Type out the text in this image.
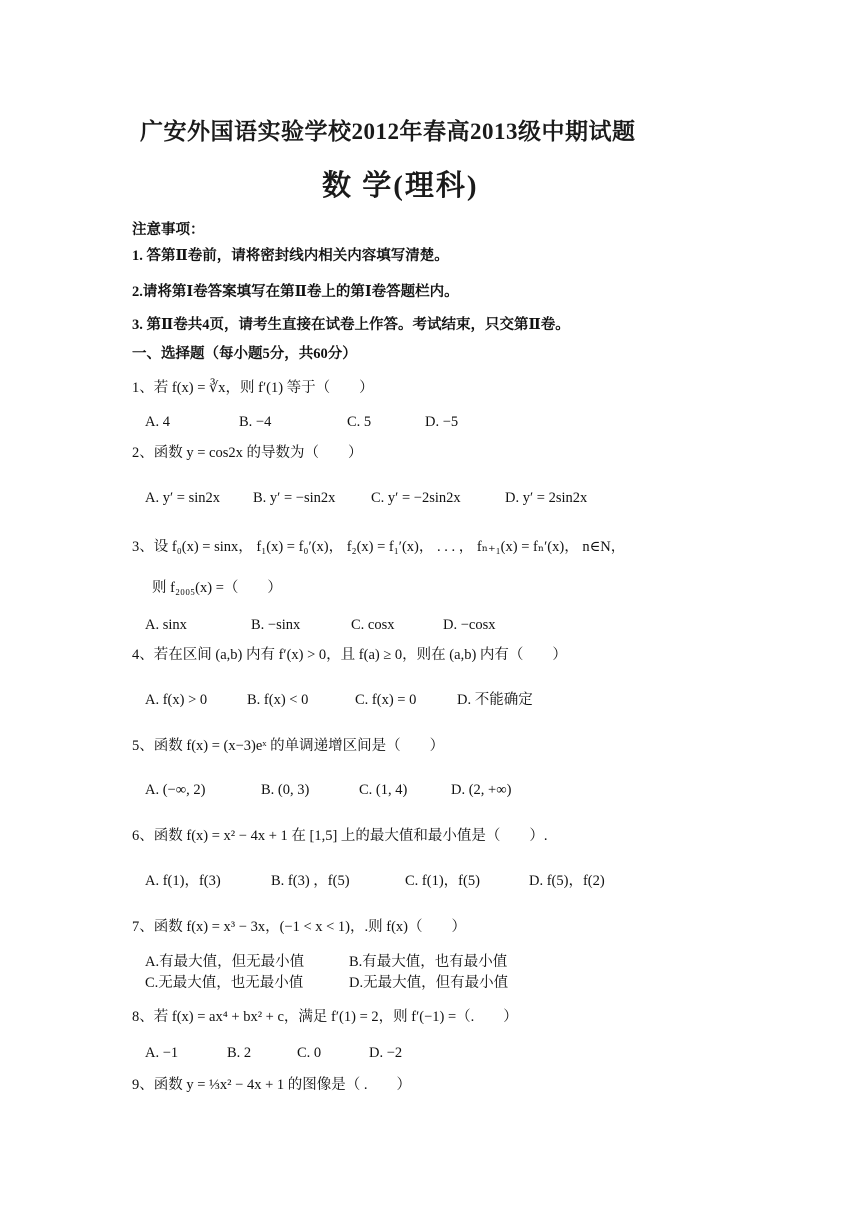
广安外国语实验学校2012年春高2013级中期试题
数 学(理科)
注意事项：
1. 答第Ⅱ卷前，请将密封线内相关内容填写清楚。
2.请将第Ⅰ卷答案填写在第Ⅱ卷上的第Ⅰ卷答题栏内。
3. 第Ⅱ卷共4页，请考生直接在试卷上作答。考试结束，只交第Ⅱ卷。
一、选择题（每小题5分，共60分）
1、若 f(x) = ∛x，则 f′(1) 等于（　　）
A. 4	B. −4	C. 5	D. −5
2、函数 y = cos2x 的导数为（　　）
A. y′ = sin2x B. y′ = −sin2x C. y′ = −2sin2x	D. y′ = 2sin2x
3、设 f₀(x) = sinx， f₁(x) = f₀′(x)， f₂(x) = f₁′(x)， . . . ， fₙ₊₁(x) = fₙ′(x)， n∈N，
则 f₂₀₀₅(x) =（　　）
A. sinx	B. −sinx	C. cosx	D. −cosx
4、若在区间 (a,b) 内有 f′(x) > 0，且 f(a) ≥ 0，则在 (a,b) 内有（　　）
A. f(x) > 0	B. f(x) < 0	C. f(x) = 0	D. 不能确定
5、函数 f(x) = (x−3)eˣ 的单调递增区间是（　　）
A. (−∞, 2)	B. (0, 3)	C. (1, 4)	D. (2, +∞)
6、函数 f(x) = x² − 4x + 1 在 [1,5] 上的最大值和最小值是（　　）.
A. f(1)，f(3)	B. f(3) ，f(5)	C. f(1)，f(5)	D. f(5)，f(2)
7、函数 f(x) = x³ − 3x，(−1 < x < 1)，.则 f(x)（　　）
A.有最大值，但无最小值	B.有最大值，也有最小值
C.无最大值，也无最小值	D.无最大值，但有最小值
8、若 f(x) = ax⁴ + bx² + c，满足 f′(1) = 2，则 f′(−1) =（.　　）
A. −1	B. 2	C. 0	D. −2
9、函数 y = ⅓x² − 4x + 1 的图像是（ .　　）
